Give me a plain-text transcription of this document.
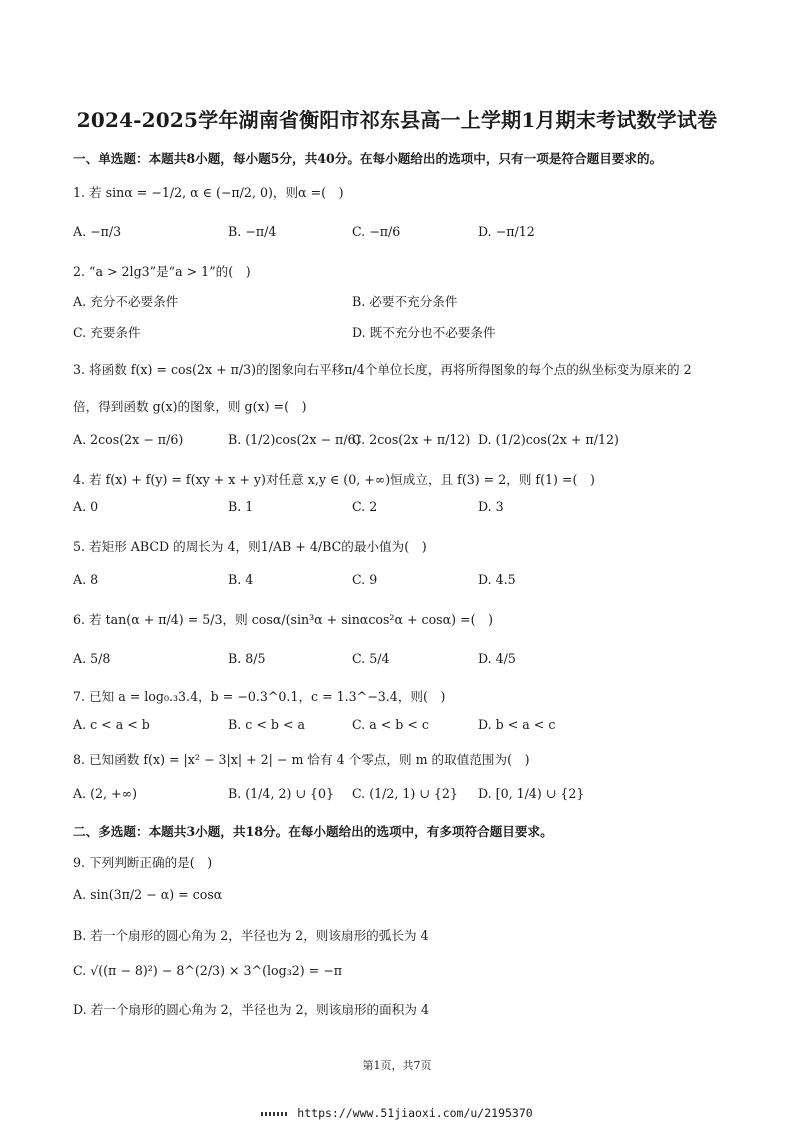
2024-2025学年湖南省衡阳市祁东县高一上学期1月期末考试数学试卷
一、单选题：本题共8小题，每小题5分，共40分。在每小题给出的选项中，只有一项是符合题目要求的。
1. 若 sinα = −1/2, α ∈ (−π/2, 0)，则α =(　)
A. −π/3	B. −π/4	C. −π/6	D. −π/12
2. “a > 2lg3”是“a > 1”的(　)
A. 充分不必要条件	B. 必要不充分条件
C. 充要条件	D. 既不充分也不必要条件
3. 将函数 f(x) = cos(2x + π/3)的图象向右平移π/4个单位长度，再将所得图象的每个点的纵坐标变为原来的 2
倍，得到函数 g(x)的图象，则 g(x) =(　)
A. 2cos(2x − π/6)	B. (1/2)cos(2x − π/6)
C. 2cos(2x + π/12) D. (1/2)cos(2x + π/12)
4. 若 f(x) + f(y) = f(xy + x + y)对任意 x,y ∈ (0, +∞)恒成立，且 f(3) = 2，则 f(1) =(　)
A. 0	B. 1	C. 2	D. 3
5. 若矩形 ABCD 的周长为 4，则1/AB + 4/BC的最小值为(　)
A. 8	B. 4	C. 9	D. 4.5
6. 若 tan(α + π/4) = 5/3，则 cosα/(sin³α + sinαcos²α + cosα) =(　)
A. 5/8	B. 8/5	C. 5/4	D. 4/5
7. 已知 a = log₀.₃3.4，b = −0.3^0.1，c = 1.3^−3.4，则(　)
A. c < a < b	B. c < b < a	C. a < b < c	D. b < a < c
8. 已知函数 f(x) = |x² − 3|x| + 2| − m 恰有 4 个零点，则 m 的取值范围为(　)
A. (2, +∞)	B. (1/4, 2) ∪ {0} C. (1/2, 1) ∪ {2} D. [0, 1/4) ∪ {2}
二、多选题：本题共3小题，共18分。在每小题给出的选项中，有多项符合题目要求。
9. 下列判断正确的是(　)
A. sin(3π/2 − α) = cosα
B. 若一个扇形的圆心角为 2，半径也为 2，则该扇形的弧长为 4
C. √((π − 8)²) − 8^(2/3) × 3^(log₃2) = −π
D. 若一个扇形的圆心角为 2，半径也为 2，则该扇形的面积为 4
第1页，共7页
https://www.51jiaoxi.com/u/2195370
